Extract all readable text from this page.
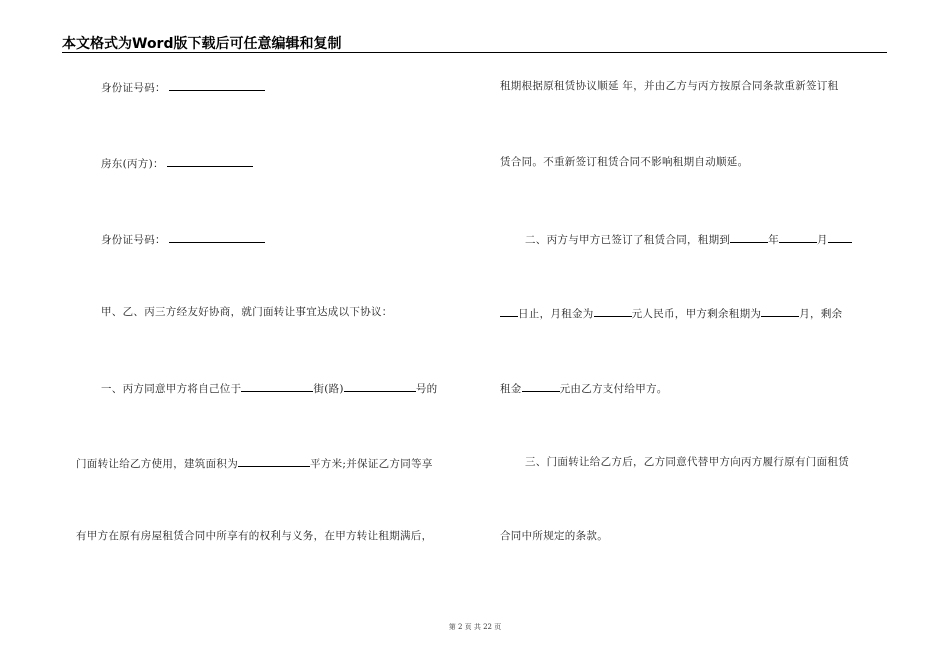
本文格式为Word版下载后可任意编辑和复制
身份证号码：
房东(丙方)：
身份证号码：
甲、乙、丙三方经友好协商，就门面转让事宜达成以下协议：
一、丙方同意甲方将自己位于	街(路)	号的
门面转让给乙方使用，建筑面积为	平方米;并保证乙方同等享
有甲方在原有房屋租赁合同中所享有的权利与义务，在甲方转让租期满后，
租期根据原租赁协议顺延 年，并由乙方与丙方按原合同条款重新签订租
赁合同。不重新签订租赁合同不影响租期自动顺延。
二、丙方与甲方已签订了租赁合同，租期到	年	月
日止，月租金为	元人民币，甲方剩余租期为	月，剩余
租金	元由乙方支付给甲方。
三、门面转让给乙方后，乙方同意代替甲方向丙方履行原有门面租赁
合同中所规定的条款。
第 2 页 共 22 页
